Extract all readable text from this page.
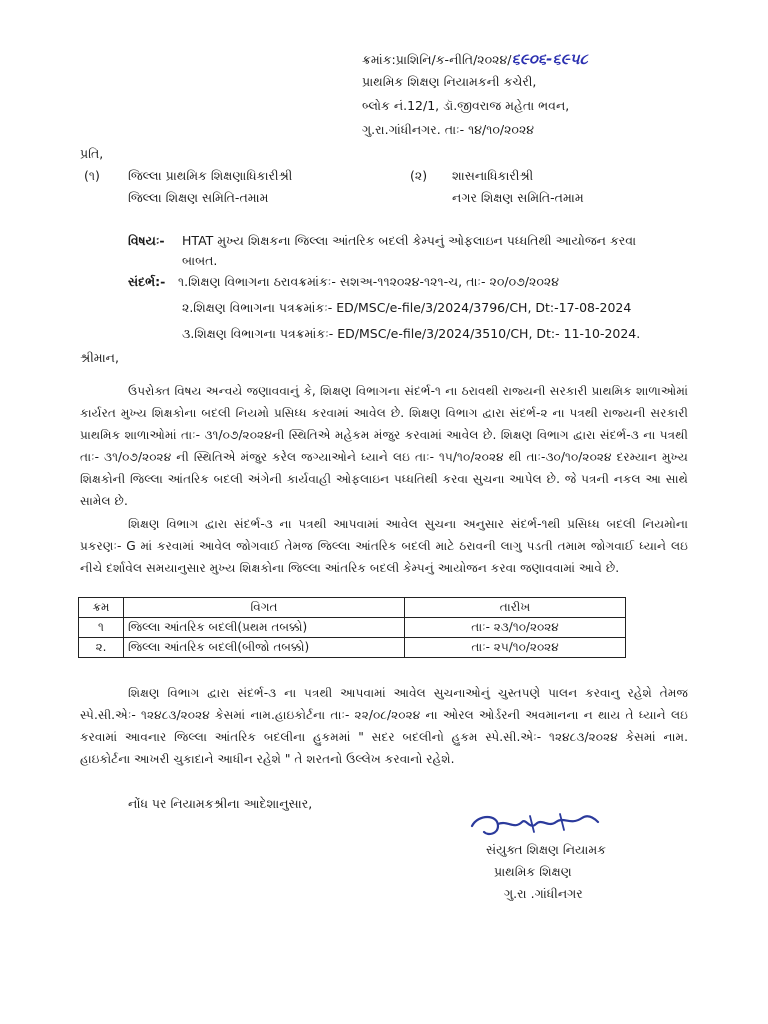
ક્રમાંક:પ્રાશિનિ/ક-નીતિ/૨૦૨૪/૬૯૦૬-૬૯૫૮
પ્રાથમિક શિક્ષણ નિયામકની કચેરી,
બ્લોક નં.12/1, ડૉ.જીવરાજ મહેતા ભવન,
ગુ.રા.ગાંધીનગર. તાઃ- ૧૪/૧૦/૨૦૨૪
પ્રતિ,
(૧) જિલ્લા પ્રાથમિક શિક્ષણાધિકારીશ્રી
જિલ્લા શિક્ષણ સમિતિ-તમામ
(૨) શાસનાધિકારીશ્રી
નગર શિક્ષણ સમિતિ-તમામ
વિષયઃ- HTAT મુખ્ય શિક્ષકના જિલ્લા આંતરિક બદલી કેમ્પનું ઓફલાઇન પધ્ધતિથી આયોજન કરવા
બાબત.
સંદર્ભ:- ૧.શિક્ષણ વિભાગના ઠરાવક્રમાંકઃ- સશઅ-૧૧૨૦૨૪-૧૨૧-ચ, તાઃ- ૨૦/૦૭/૨૦૨૪
૨.શિક્ષણ વિભાગના પત્રક્રમાંકઃ- ED/MSC/e-file/3/2024/3796/CH, Dt:-17-08-2024
૩.શિક્ષણ વિભાગના પત્રક્રમાંકઃ- ED/MSC/e-file/3/2024/3510/CH, Dt:- 11-10-2024.
શ્રીમાન,
ઉપરોક્ત વિષય અન્વયે જણાવવાનું કે, શિક્ષણ વિભાગના સંદર્ભ-૧ ના ઠરાવથી રાજ્યની સરકારી પ્રાથમિક શાળાઓમાં કાર્યરત મુખ્ય શિક્ષકોના બદલી નિયમો પ્રસિધ્ધ કરવામાં આવેલ છે. શિક્ષણ વિભાગ દ્વારા સંદર્ભ-૨ ના પત્રથી રાજ્યની સરકારી પ્રાથમિક શાળાઓમાં તાઃ- ૩૧/૦૭/૨૦૨૪ની સ્થિતિએ મહેકમ મંજુર કરવામાં આવેલ છે. શિક્ષણ વિભાગ દ્વારા સંદર્ભ-૩ ના પત્રથી તાઃ- ૩૧/૦૭/૨૦૨૪ ની સ્થિતિએ મંજુર કરેલ જગ્યાઓને ધ્યાને લઇ તાઃ- ૧૫/૧૦/૨૦૨૪ થી તાઃ-૩૦/૧૦/૨૦૨૪ દરમ્યાન મુખ્ય શિક્ષકોની જિલ્લા આંતરિક બદલી અંગેની કાર્યવાહી ઓફલાઇન પધ્ધતિથી કરવા સુચના આપેલ છે. જે પત્રની નકલ આ સાથે સામેલ છે.
શિક્ષણ વિભાગ દ્વારા સંદર્ભ-૩ ના પત્રથી આપવામાં આવેલ સુચના અનુસાર સંદર્ભ-૧થી પ્રસિધ્ધ બદલી નિયમોના પ્રકરણઃ- G માં કરવામાં આવેલ જોગવાઈ તેમજ જિલ્લા આંતરિક બદલી માટે ઠરાવની લાગુ પડતી તમામ જોગવાઈ ધ્યાને લઇ નીચે દર્શાવેલ સમયાનુસાર મુખ્ય શિક્ષકોના જિલ્લા આંતરિક બદલી કેમ્પનું આયોજન કરવા જણાવવામાં આવે છે.
ક્રમ	વિગત	તારીખ
૧	જિલ્લા આંતરિક બદલી(પ્રથમ તબક્કો)	તાઃ- ૨૩/૧૦/૨૦૨૪
૨.	જિલ્લા આંતરિક બદલી(બીજો તબક્કો)	તાઃ- ૨૫/૧૦/૨૦૨૪
શિક્ષણ વિભાગ દ્વારા સંદર્ભ-૩ ના પત્રથી આપવામાં આવેલ સુચનાઓનું ચુસ્તપણે પાલન કરવાનુ રહેશે તેમજ સ્પે.સી.એઃ- ૧૨૪૮૩/૨૦૨૪ કેસમાં નામ.હાઇકોર્ટના તાઃ- ૨૨/૦૮/૨૦૨૪ ના ઓરલ ઓર્ડરની અવમાનના ન થાય તે ધ્યાને લઇ કરવામાં આવનાર જિલ્લા આંતરિક બદલીના હુકમમાં " સદર બદલીનો હુકમ સ્પે.સી.એઃ- ૧૨૪૮૩/૨૦૨૪ કેસમાં નામ. હાઇકોર્ટના આખરી ચુકાદાને આધીન રહેશે " તે શરતનો ઉલ્લેખ કરવાનો રહેશે.
નોંધ પર નિયામકશ્રીના આદેશાનુસાર,
સંયુક્ત શિક્ષણ નિયામક
પ્રાથમિક શિક્ષણ
ગુ.રા .ગાંધીનગર
